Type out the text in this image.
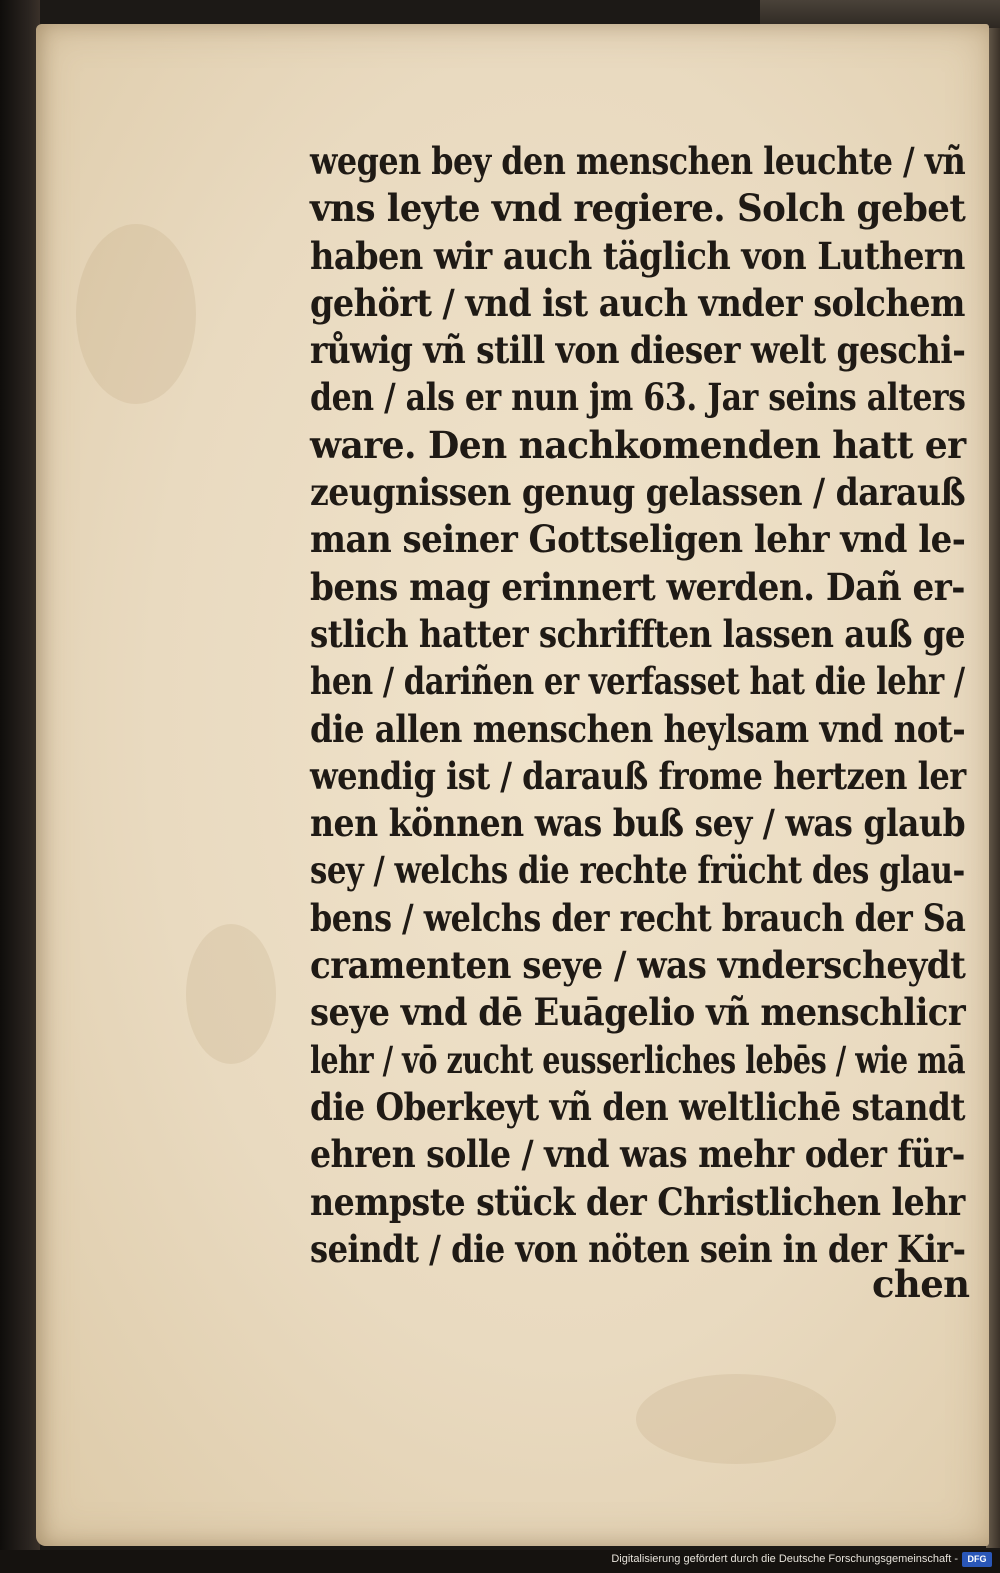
wegen bey den menschen leuchte / vñ
vns leyte vnd regiere. Solch gebet
haben wir auch täglich von Luthern
gehört / vnd ist auch vnder solchem
růwig vñ still von dieser welt geschi-
den / als er nun jm 63. Jar seins alters
ware. Den nachkomenden hatt er
zeugnissen genug gelassen / darauß
man seiner Gottseligen lehr vnd le-
bens mag erinnert werden. Dañ er-
stlich hatter schrifften lassen auß ge
hen / dariñen er verfasset hat die lehr /
die allen menschen heylsam vnd not-
wendig ist / darauß frome hertzen ler
nen können was buß sey / was glaub
sey / welchs die rechte frücht des glau-
bens / welchs der recht brauch der Sa
cramenten seye / was vnderscheydt
seye vnd dē Euāgelio vñ menschlicr
lehr / vō zucht eusserliches lebēs / wie mā
die Oberkeyt vñ den weltlichē standt
ehren solle / vnd was mehr oder für-
nempste stück der Christlichen lehr
seindt / die von nöten sein in der Kir-
chen
Digitalisierung gefördert durch die Deutsche Forschungsgemeinschaft -	DFG
